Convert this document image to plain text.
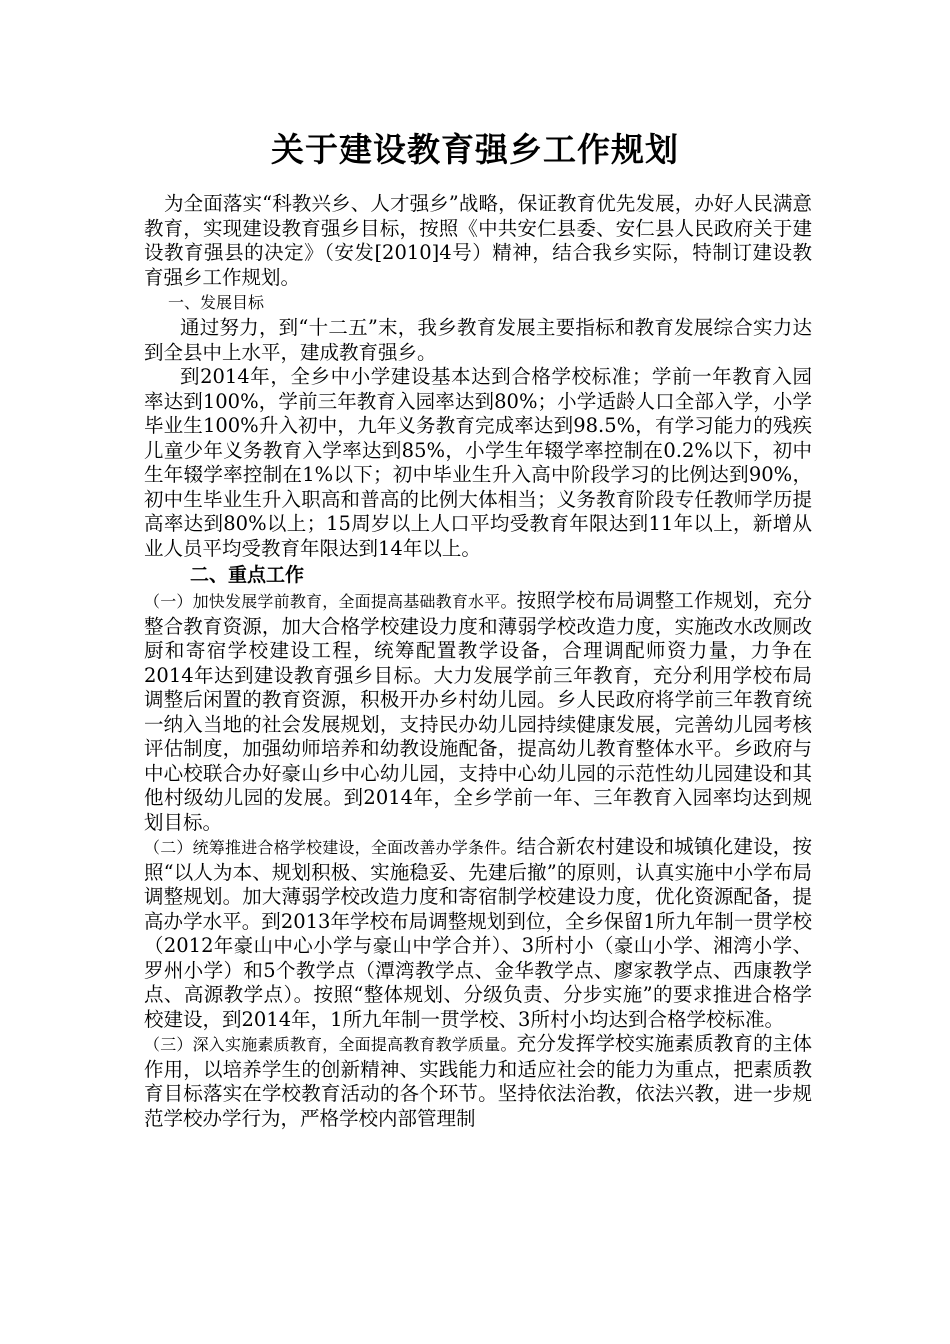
关于建设教育强乡工作规划

为全面落实“科教兴乡、人才强乡”战略，保证教育优先发展，办好人民满意教育，实现建设教育强乡目标，按照《中共安仁县委、安仁县人民政府关于建设教育强县的决定》（安发[2010]4号）精神，结合我乡实际，特制订建设教育强乡工作规划。

一、发展目标

通过努力，到“十二五”末，我乡教育发展主要指标和教育发展综合实力达到全县中上水平，建成教育强乡。

到2014年，全乡中小学建设基本达到合格学校标准；学前一年教育入园率达到100%，学前三年教育入园率达到80%；小学适龄人口全部入学，小学毕业生100%升入初中，九年义务教育完成率达到98.5%，有学习能力的残疾儿童少年义务教育入学率达到85%，小学生年辍学率控制在0.2%以下，初中生年辍学率控制在1%以下；初中毕业生升入高中阶段学习的比例达到90%，初中生毕业生升入职高和普高的比例大体相当；义务教育阶段专任教师学历提高率达到80%以上；15周岁以上人口平均受教育年限达到11年以上，新增从业人员平均受教育年限达到14年以上。

二、重点工作

（一）加快发展学前教育，全面提高基础教育水平。按照学校布局调整工作规划，充分整合教育资源，加大合格学校建设力度和薄弱学校改造力度，实施改水改厕改厨和寄宿学校建设工程，统筹配置教学设备，合理调配师资力量，力争在2014年达到建设教育强乡目标。大力发展学前三年教育，充分利用学校布局调整后闲置的教育资源，积极开办乡村幼儿园。乡人民政府将学前三年教育统一纳入当地的社会发展规划，支持民办幼儿园持续健康发展，完善幼儿园考核评估制度，加强幼师培养和幼教设施配备，提高幼儿教育整体水平。乡政府与中心校联合办好豪山乡中心幼儿园，支持中心幼儿园的示范性幼儿园建设和其他村级幼儿园的发展。到2014年，全乡学前一年、三年教育入园率均达到规划目标。

（二）统筹推进合格学校建设，全面改善办学条件。结合新农村建设和城镇化建设，按照“以人为本、规划积极、实施稳妥、先建后撤”的原则，认真实施中小学布局调整规划。加大薄弱学校改造力度和寄宿制学校建设力度，优化资源配备，提高办学水平。到2013年学校布局调整规划到位，全乡保留1所九年制一贯学校（2012年豪山中心小学与豪山中学合并）、3所村小（豪山小学、湘湾小学、罗州小学）和5个教学点（潭湾教学点、金华教学点、廖家教学点、西康教学点、高源教学点）。按照“整体规划、分级负责、分步实施”的要求推进合格学校建设，到2014年，1所九年制一贯学校、3所村小均达到合格学校标准。

（三）深入实施素质教育，全面提高教育教学质量。充分发挥学校实施素质教育的主体作用，以培养学生的创新精神、实践能力和适应社会的能力为重点，把素质教育目标落实在学校教育活动的各个环节。坚持依法治教，依法兴教，进一步规范学校办学行为，严格学校内部管理制
